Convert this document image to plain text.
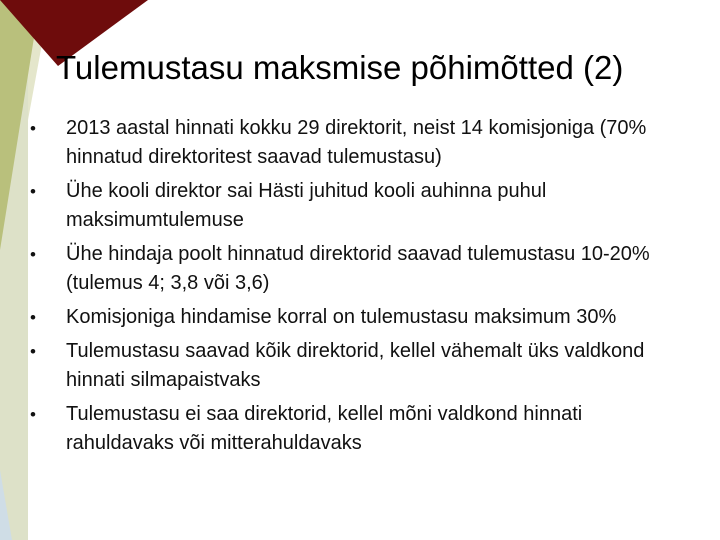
Tulemustasu maksmise põhimõtted (2)
• 2013 aastal hinnati kokku 29 direktorit, neist 14 komisjoniga (70% hinnatud direktoritest saavad tulemustasu)
• Ühe kooli direktor sai Hästi juhitud kooli auhinna puhul maksimumtulemuse
• Ühe hindaja poolt hinnatud direktorid saavad tulemustasu 10-20% (tulemus 4; 3,8 või 3,6)
• Komisjoniga hindamise korral on tulemustasu maksimum 30%
• Tulemustasu saavad kõik direktorid, kellel vähemalt üks valdkond hinnati silmapaistvaks
• Tulemustasu ei saa direktorid, kellel mõni valdkond hinnati rahuldavaks või mitterahuldavaks
